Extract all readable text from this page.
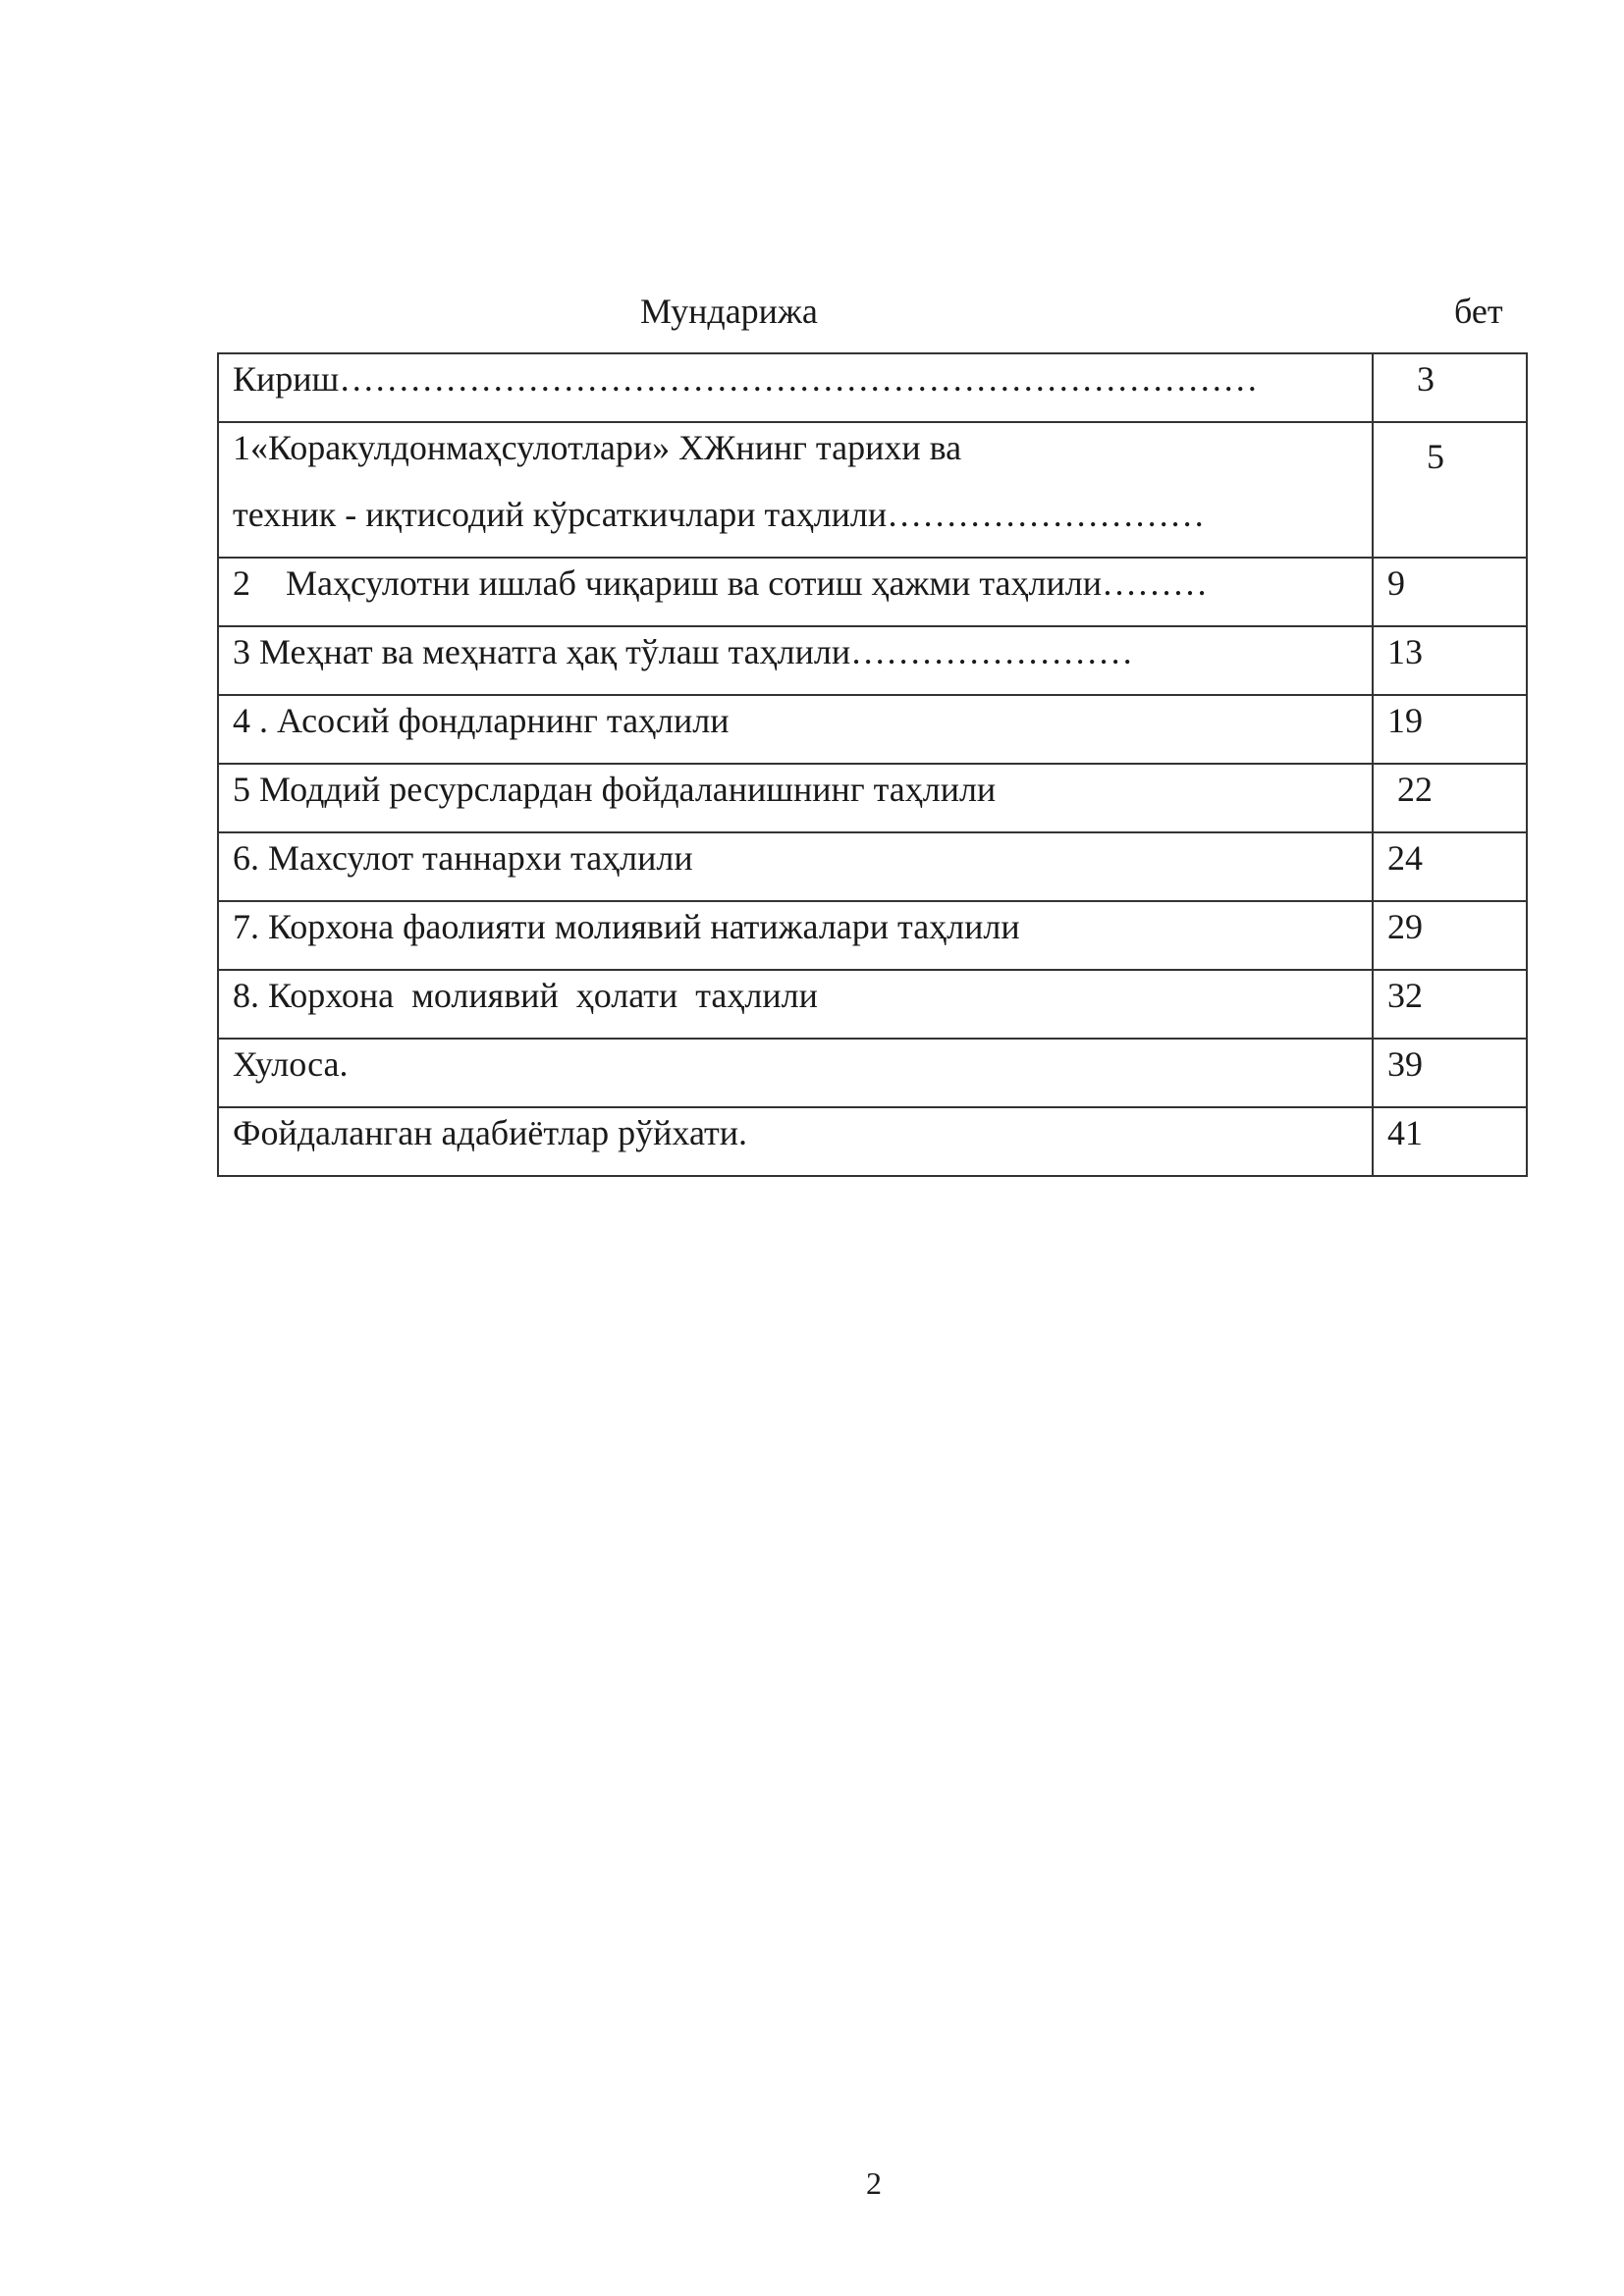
Мундарижа	бет
Кириш……………………………………………………………………	3

1«Коракулдонмаҳсулотлари» ХЖнинг тарихи ва
техник - иқтисодий кўрсаткичлари таҳлили………………………	5
2    Маҳсулотни ишлаб чиқариш ва сотиш ҳажми таҳлили………	9
3 Меҳнат ва меҳнатга ҳақ тўлаш таҳлили……………………	13
4 . Асосий фондларнинг таҳлили	19
5 Моддий ресурслардан фойдаланишнинг таҳлили	22
6. Махсулот таннархи таҳлили	24
7. Корхона фаолияти молиявий натижалари таҳлили	29
8. Корхона  молиявий  ҳолати  таҳлили	32
Хулоса.	39
Фойдаланган адабиётлар рўйхати.	41
2
